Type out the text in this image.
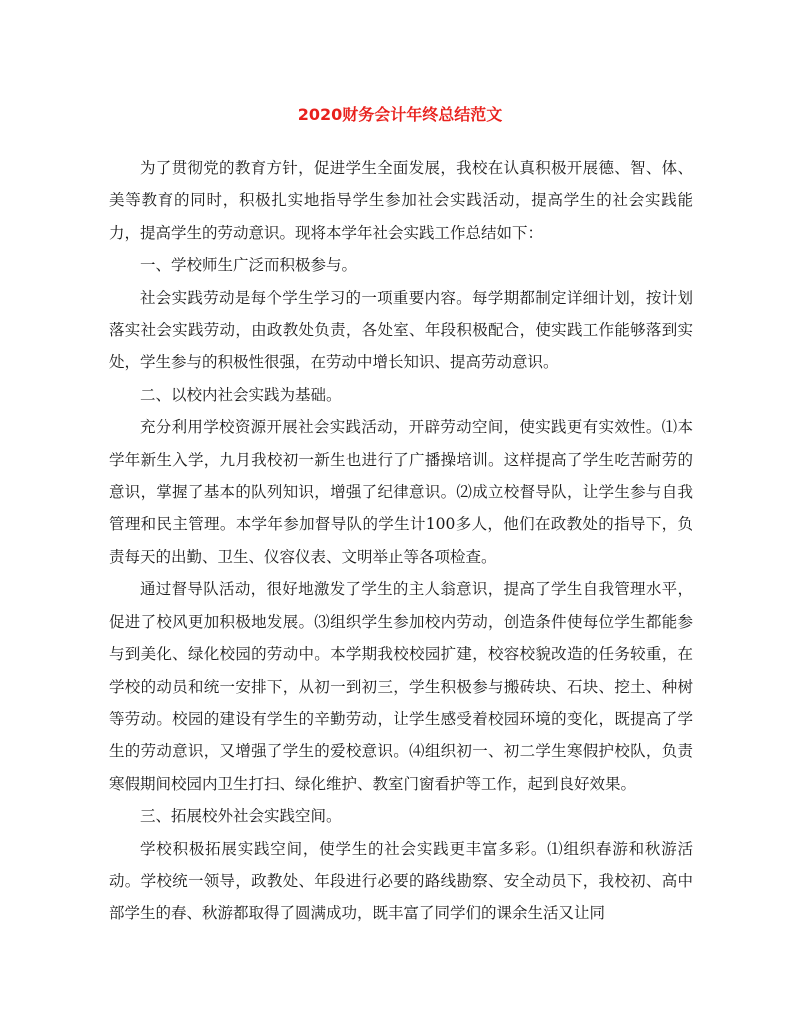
2020财务会计年终总结范文

为了贯彻党的教育方针，促进学生全面发展，我校在认真积极开展德、智、体、美等教育的同时，积极扎实地指导学生参加社会实践活动，提高学生的社会实践能力，提高学生的劳动意识。现将本学年社会实践工作总结如下：

一、学校师生广泛而积极参与。

社会实践劳动是每个学生学习的一项重要内容。每学期都制定详细计划，按计划落实社会实践劳动，由政教处负责，各处室、年段积极配合，使实践工作能够落到实处，学生参与的积极性很强，在劳动中增长知识、提高劳动意识。

二、以校内社会实践为基础。

充分利用学校资源开展社会实践活动，开辟劳动空间，使实践更有实效性。⑴本学年新生入学，九月我校初一新生也进行了广播操培训。这样提高了学生吃苦耐劳的意识，掌握了基本的队列知识，增强了纪律意识。⑵成立校督导队，让学生参与自我管理和民主管理。本学年参加督导队的学生计100多人，他们在政教处的指导下，负责每天的出勤、卫生、仪容仪表、文明举止等各项检查。

通过督导队活动，很好地激发了学生的主人翁意识，提高了学生自我管理水平，促进了校风更加积极地发展。⑶组织学生参加校内劳动，创造条件使每位学生都能参与到美化、绿化校园的劳动中。本学期我校校园扩建，校容校貌改造的任务较重，在学校的动员和统一安排下，从初一到初三，学生积极参与搬砖块、石块、挖土、种树等劳动。校园的建设有学生的辛勤劳动，让学生感受着校园环境的变化，既提高了学生的劳动意识，又增强了学生的爱校意识。⑷组织初一、初二学生寒假护校队，负责寒假期间校园内卫生打扫、绿化维护、教室门窗看护等工作，起到良好效果。

三、拓展校外社会实践空间。

学校积极拓展实践空间，使学生的社会实践更丰富多彩。⑴组织春游和秋游活动。学校统一领导，政教处、年段进行必要的路线勘察、安全动员下，我校初、高中部学生的春、秋游都取得了圆满成功，既丰富了同学们的课余生活又让同
